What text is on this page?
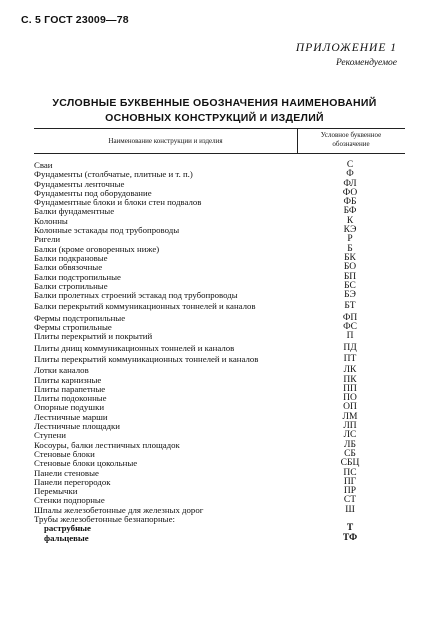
С. 5 ГОСТ 23009—78
ПРИЛОЖЕНИЕ 1
Рекомендуемое
УСЛОВНЫЕ БУКВЕННЫЕ ОБОЗНАЧЕНИЯ НАИМЕНОВАНИЙ
ОСНОВНЫХ КОНСТРУКЦИЙ И ИЗДЕЛИЙ
Наименование конструкции и изделия
Условное буквенное
обозначение
Сваи	С
Фундаменты (столбчатые, плитные и т. п.)	Ф
Фундаменты ленточные	ФЛ
Фундаменты под оборудование	ФО
Фундаментные блоки и блоки стен подвалов	ФБ
Балки фундаментные	БФ
Колонны	К
Колонные эстакады под трубопроводы	КЭ
Ригели	Р
Балки (кроме оговоренных ниже)	Б
Балки подкрановые	БК
Балки обвязочные	БО
Балки подстропильные	БП
Балки стропильные	БС
Балки пролетных строений эстакад под трубопроводы	БЭ
Балки перекрытий коммуникационных тоннелей и каналов	БТ
Фермы подстропильные	ФП
Фермы стропильные	ФС
Плиты перекрытий и покрытий	П
Плиты днищ коммуникационных тоннелей и каналов	ПД
Плиты перекрытий коммуникационных тоннелей и каналов	ПТ
Лотки каналов	ЛК
Плиты карнизные	ПК
Плиты парапетные	ПП
Плиты подоконные	ПО
Опорные подушки	ОП
Лестничные марши	ЛМ
Лестничные площадки	ЛП
Ступени	ЛС
Косоуры, балки лестничных площадок	ЛБ
Стеновые блоки	СБ
Стеновые блоки цокольные	СБЦ
Панели стеновые	ПС
Панели перегородок	ПГ
Перемычки	ПР
Стенки подпорные	СТ
Шпалы железобетонные для железных дорог	Ш
Трубы железобетонные безнапорные:
раструбные	Т
фальцевые	ТФ
